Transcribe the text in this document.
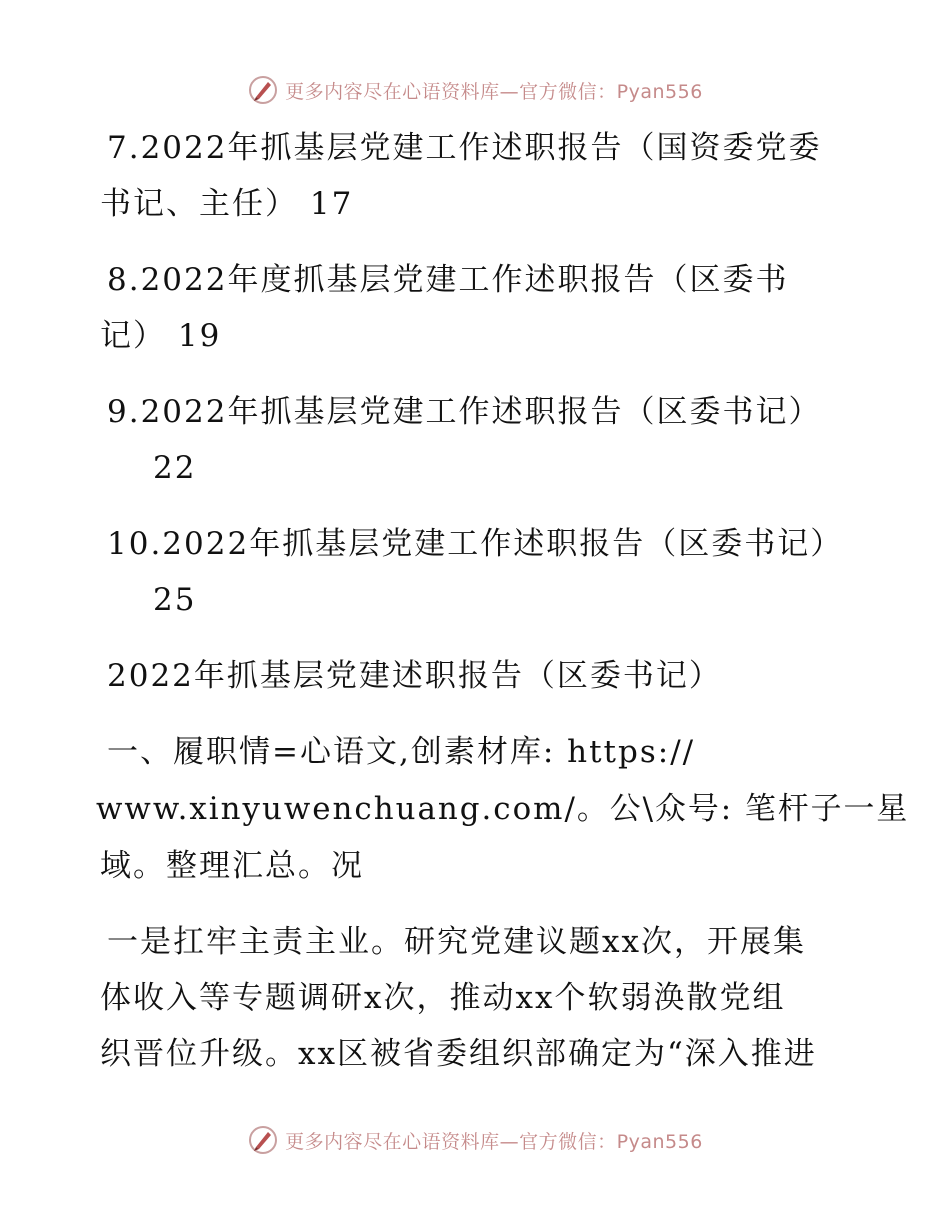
更多内容尽在心语资料库—官方微信：Pyan556
7.2022年抓基层党建工作述职报告（国资委党委
书记、主任） 17
8.2022年度抓基层党建工作述职报告（区委书
记） 19
9.2022年抓基层党建工作述职报告（区委书记）
22
10.2022年抓基层党建工作述职报告（区委书记）
25
2022年抓基层党建述职报告（区委书记）
一、履职情=心语文,创素材库: https://
www.xinyuwenchuang.com/。公\众号: 笔杆子一星
域。整理汇总。况
一是扛牢主责主业。研究党建议题xx次，开展集
体收入等专题调研x次，推动xx个软弱涣散党组
织晋位升级。xx区被省委组织部确定为“深入推进
更多内容尽在心语资料库—官方微信：Pyan556
